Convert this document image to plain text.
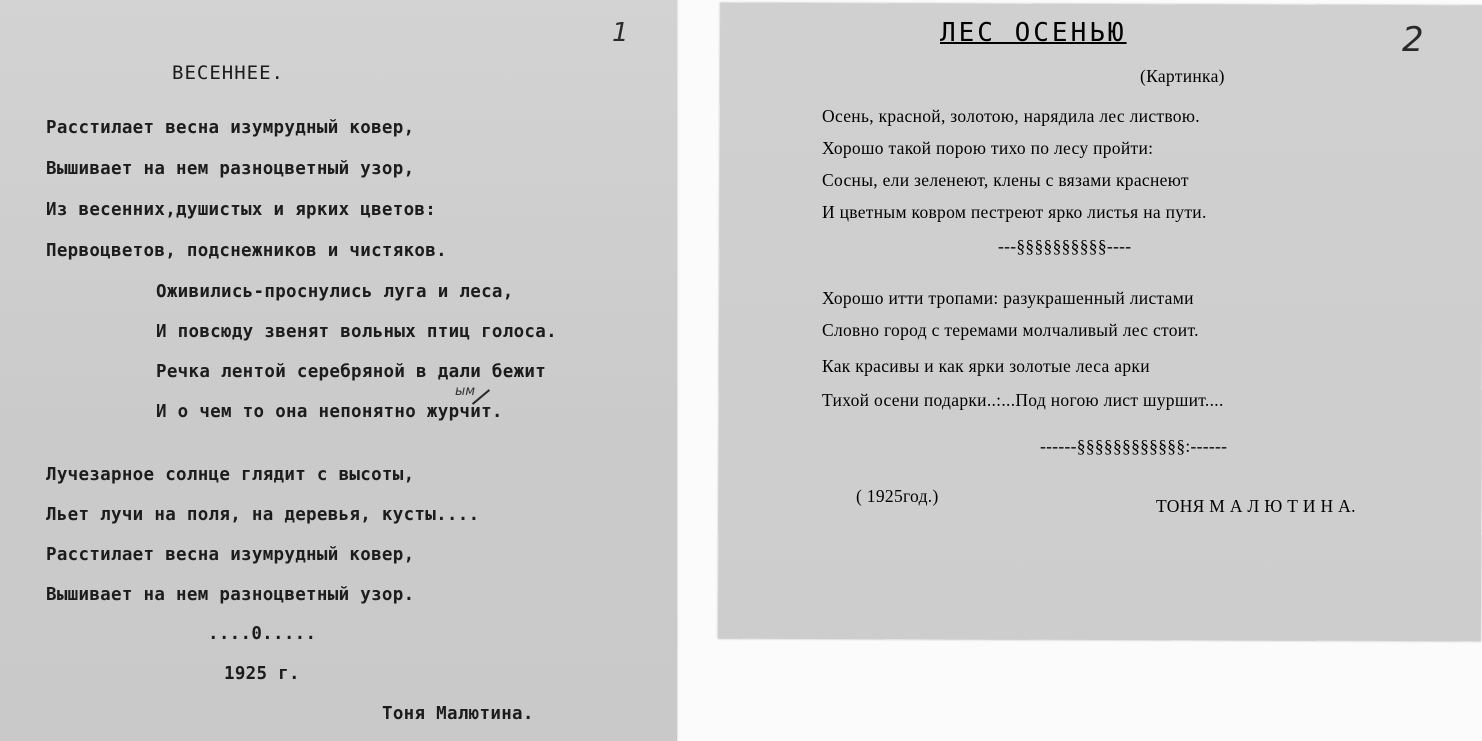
1
ВЕСЕННЕЕ.
Расстилает весна изумрудный ковер,
Вышивает на нем разноцветный узор,
Из весенних,душистых и ярких цветов:
Первоцветов, подснежников и чистяков.
Оживились-проснулись луга и леса,
И повсюду звенят вольных птиц голоса.
Речка лентой серебряной в дали бежит
И о чем то она непонятно журчит.
ым
Лучезарное солнце глядит с высоты,
Льет лучи на поля, на деревья, кусты....
Расстилает весна изумрудный ковер,
Вышивает на нем разноцветный узор.
....0.....
1925 г.
Тоня Малютина.
ЛЕС ОСЕНЬЮ	2
(Картинка)
Осень, красной, золотою, нарядила лес листвою.
Хорошо такой порою тихо по лесу пройти:
Сосны, ели зеленеют, клены с вязами краснеют
И цветным ковром пестреют ярко листья на пути.
---§§§§§§§§§§----
Хорошо итти тропами: разукрашенный листами
Словно город с теремами молчаливый лес стоит.
Как красивы и как ярки золотые леса арки
Тихой осени подарки..:...Под ногою лист шуршит....
------§§§§§§§§§§§§:------
( 1925год.)	ТОНЯ М А Л Ю Т И Н А.
